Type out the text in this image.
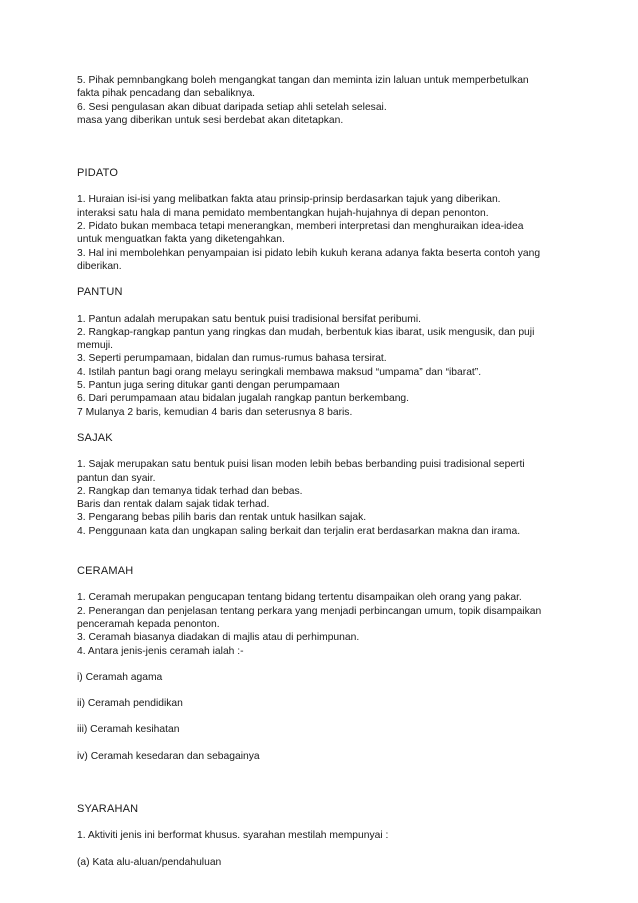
5. Pihak pemnbangkang boleh mengangkat tangan dan meminta izin laluan untuk memperbetulkan
fakta pihak pencadang dan sebaliknya.
6. Sesi pengulasan akan dibuat daripada setiap ahli setelah selesai.
masa yang diberikan untuk sesi berdebat akan ditetapkan.
PIDATO
1. Huraian isi-isi yang melibatkan fakta atau prinsip-prinsip berdasarkan tajuk yang diberikan.
interaksi satu hala di mana pemidato membentangkan hujah-hujahnya di depan penonton.
2. Pidato bukan membaca tetapi menerangkan, memberi interpretasi dan menghuraikan idea-idea
untuk menguatkan fakta yang diketengahkan.
3. Hal ini membolehkan penyampaian isi pidato lebih kukuh kerana adanya fakta beserta contoh yang
diberikan.
PANTUN
1. Pantun adalah merupakan satu bentuk puisi tradisional bersifat peribumi.
2. Rangkap-rangkap pantun yang ringkas dan mudah, berbentuk kias ibarat, usik mengusik, dan puji
memuji.
3. Seperti perumpamaan, bidalan dan rumus-rumus bahasa tersirat.
4. Istilah pantun bagi orang melayu seringkali membawa maksud “umpama” dan “ibarat”.
5. Pantun juga sering ditukar ganti dengan perumpamaan
6. Dari perumpamaan atau bidalan jugalah rangkap pantun berkembang.
7 Mulanya 2 baris, kemudian 4 baris dan seterusnya 8 baris.
SAJAK
1. Sajak merupakan satu bentuk puisi lisan moden lebih bebas berbanding puisi tradisional seperti
pantun dan syair.
2. Rangkap dan temanya tidak terhad dan bebas.
Baris dan rentak dalam sajak tidak terhad.
3. Pengarang bebas pilih baris dan rentak untuk hasilkan sajak.
4. Penggunaan kata dan ungkapan saling berkait dan terjalin erat berdasarkan makna dan irama.
CERAMAH
1. Ceramah merupakan pengucapan tentang bidang tertentu disampaikan oleh orang yang pakar.
2. Penerangan dan penjelasan tentang perkara yang menjadi perbincangan umum, topik disampaikan
penceramah kepada penonton.
3. Ceramah biasanya diadakan di majlis atau di perhimpunan.
4. Antara jenis-jenis ceramah ialah :-
i) Ceramah agama
ii) Ceramah pendidikan
iii) Ceramah kesihatan
iv) Ceramah kesedaran dan sebagainya
SYARAHAN
1. Aktiviti jenis ini berformat khusus. syarahan mestilah mempunyai :
(a) Kata alu-aluan/pendahuluan
